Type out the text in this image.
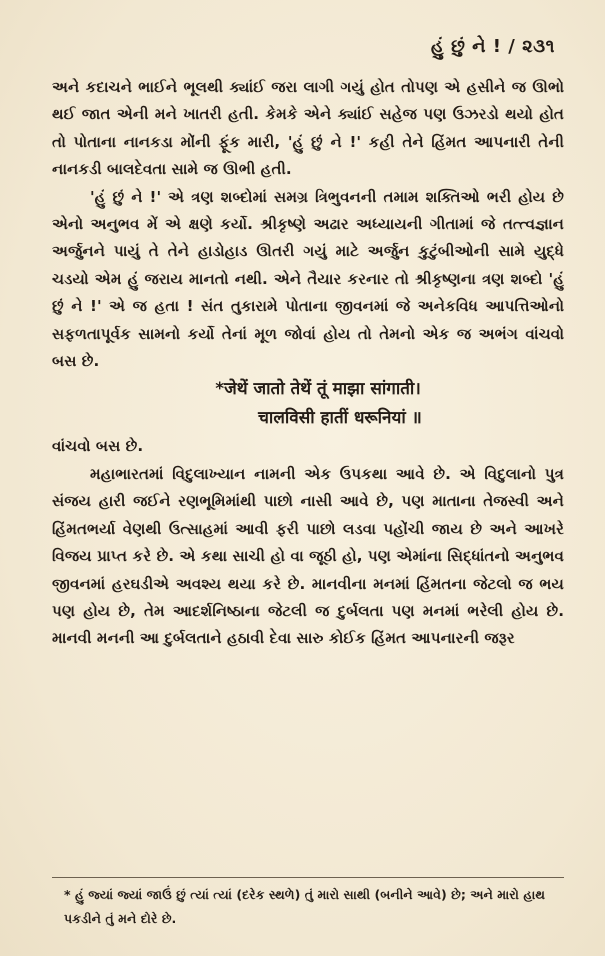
હું છું ને ! / ૨૩૧

અને કદાચને ભાઈને ભૂલથી ક્યાંઈ જરા લાગી ગયું હોત તોપણ એ હસીને જ ઊભો થઈ જાત એની મને ખાતરી હતી. કેમકે એને ક્યાંઈ સહેજ પણ ઉઝરડો થયો હોત તો પોતાના નાનકડા મોંની ફૂંક મારી, 'હું છું ને !' કહી તેને હિંમત આપનારી તેની નાનકડી બાલદેવતા સામે જ ઊભી હતી.

'હું છું ને !' એ ત્રણ શબ્દોમાં સમગ્ર ત્રિભુવનની તમામ શક્તિઓ ભરી હોય છે એનો અનુભવ મેં એ ક્ષણે કર્યો. શ્રીકૃષ્ણે અઢાર અધ્યાયની ગીતામાં જે તત્ત્વજ્ઞાન અર્જુનને પાયું તે તેને હાડોહાડ ઊતરી ગયું માટે અર્જુન કુટુંબીઓની સામે યુદ્ધે ચડયો એમ હું જરાય માનતો નથી. એને તૈયાર કરનાર તો શ્રીકૃષ્ણના ત્રણ શબ્દો 'હું છું ને !' એ જ હતા ! સંત તુકારામે પોતાના જીવનમાં જે અનેકવિધ આપત્તિઓનો સફળતાપૂર્વક સામનો કર્યો તેનાં મૂળ જોવાં હોય તો તેમનો એક જ અભંગ વાંચવો બસ છે.

*जेथें जातो तेथें तूं माझा सांगाती।
चालविसी हातीं धरूनियां ॥

વાંચવો બસ છે.

મહાભારતમાં વિદુલાખ્યાન નામની એક ઉપકથા આવે છે. એ વિદુલાનો પુત્ર સંજય હારી જઈને રણભૂમિમાંથી પાછો નાસી આવે છે, પણ માતાના તેજસ્વી અને હિંમતભર્યા વેણથી ઉત્સાહમાં આવી ફરી પાછો લડવા પહોંચી જાય છે અને આખરે વિજય પ્રાપ્ત કરે છે. એ કથા સાચી હો વા જૂઠી હો, પણ એમાંના સિદ્ધાંતનો અનુભવ જીવનમાં હરઘડીએ અવશ્ય થયા કરે છે. માનવીના મનમાં હિંમતના જેટલો જ ભય પણ હોય છે, તેમ આદર્શનિષ્ઠાના જેટલી જ દુર્બલતા પણ મનમાં ભરેલી હોય છે. માનવી મનની આ દુર્બલતાને હઠાવી દેવા સારુ કોઈક હિંમત આપનારની જરૂર

* હું જ્યાં જ્યાં જાઉં છું ત્યાં ત્યાં (દરેક સ્થળે) તું મારો સાથી (બનીને આવે) છે; અને મારો હાથ પકડીને તું મને દોરે છે.
